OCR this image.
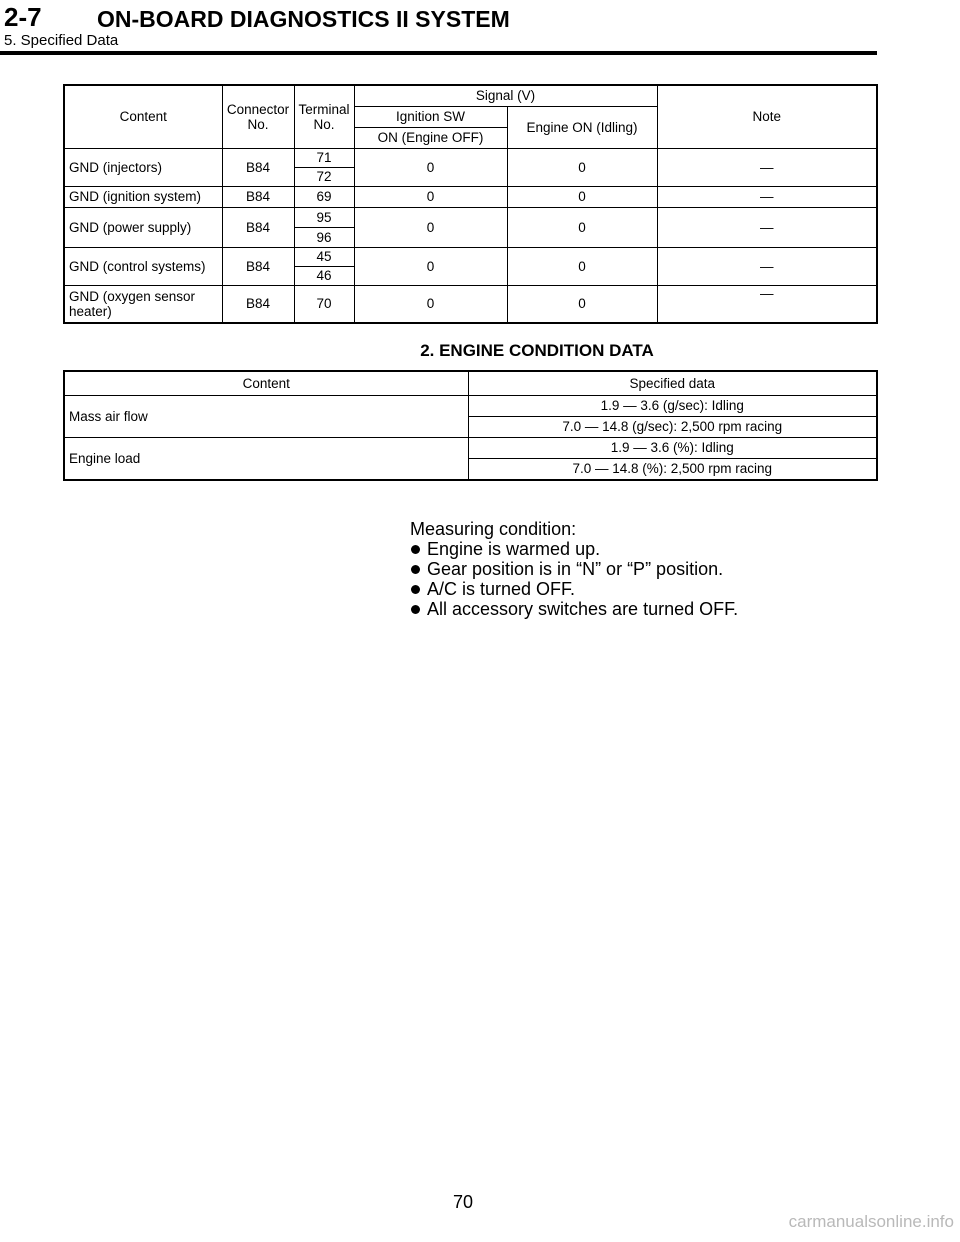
2-7 ON-BOARD DIAGNOSTICS II SYSTEM
5. Specified Data
Content	Connector No.	Terminal No.	Signal (V)		Note
			Ignition SW	Engine ON (Idling)	
			ON (Engine OFF)		
GND (injectors)	B84	71	0	0	—
		72			
GND (ignition system)	B84	69	0	0	—
GND (power supply)	B84	95	0	0	—
		96			
GND (control systems)	B84	45	0	0	—
		46			
GND (oxygen sensor heater)	B84	70	0	0	—
2. ENGINE CONDITION DATA
Content	Specified data
Mass air flow	1.9 — 3.6 (g/sec): Idling
	7.0 — 14.8 (g/sec): 2,500 rpm racing
Engine load	1.9 — 3.6 (%): Idling
	7.0 — 14.8 (%): 2,500 rpm racing
Measuring condition:
Engine is warmed up.
Gear position is in “N” or “P” position.
A/C is turned OFF.
All accessory switches are turned OFF.
70
carmanualsonline.info
